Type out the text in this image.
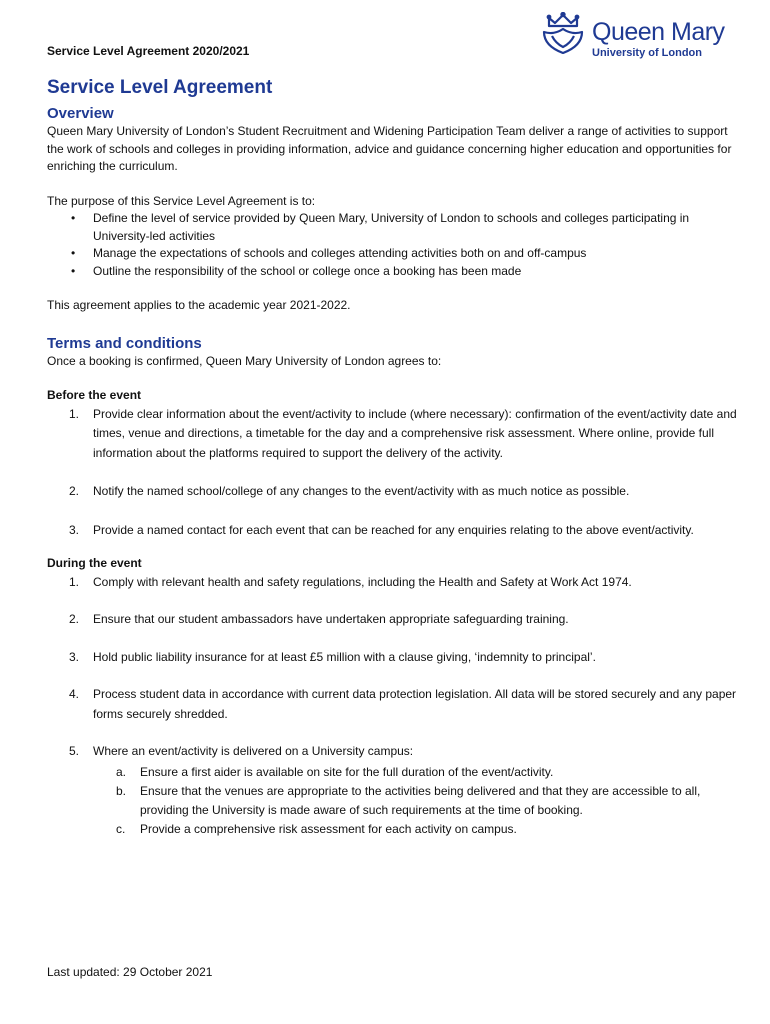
Service Level Agreement 2020/2021
Queen Mary
University of London
Service Level Agreement
Overview

Queen Mary University of London’s Student Recruitment and Widening Participation Team deliver a range of activities to support the work of schools and colleges in providing information, advice and guidance concerning higher education and opportunities for enriching the curriculum.

The purpose of this Service Level Agreement is to:

• Define the level of service provided by Queen Mary, University of London to schools and colleges participating in University-led activities
• Manage the expectations of schools and colleges attending activities both on and off-campus
• Outline the responsibility of the school or college once a booking has been made

This agreement applies to the academic year 2021-2022.

Terms and conditions

Once a booking is confirmed, Queen Mary University of London agrees to:

Before the event
1. Provide clear information about the event/activity to include (where necessary): confirmation of the event/activity date and times, venue and directions, a timetable for the day and a comprehensive risk assessment. Where online, provide full information about the platforms required to support the delivery of the activity.
2. Notify the named school/college of any changes to the event/activity with as much notice as possible.
3. Provide a named contact for each event that can be reached for any enquiries relating to the above event/activity.
During the event
1. Comply with relevant health and safety regulations, including the Health and Safety at Work Act 1974.
2. Ensure that our student ambassadors have undertaken appropriate safeguarding training.
3. Hold public liability insurance for at least £5 million with a clause giving, ‘indemnity to principal’.
4. Process student data in accordance with current data protection legislation. All data will be stored securely and any paper forms securely shredded.
5. Where an event/activity is delivered on a University campus:
a. Ensure a first aider is available on site for the full duration of the event/activity.
b. Ensure that the venues are appropriate to the activities being delivered and that they are accessible to all, providing the University is made aware of such requirements at the time of booking.
c. Provide a comprehensive risk assessment for each activity on campus.
Last updated: 29 October 2021
